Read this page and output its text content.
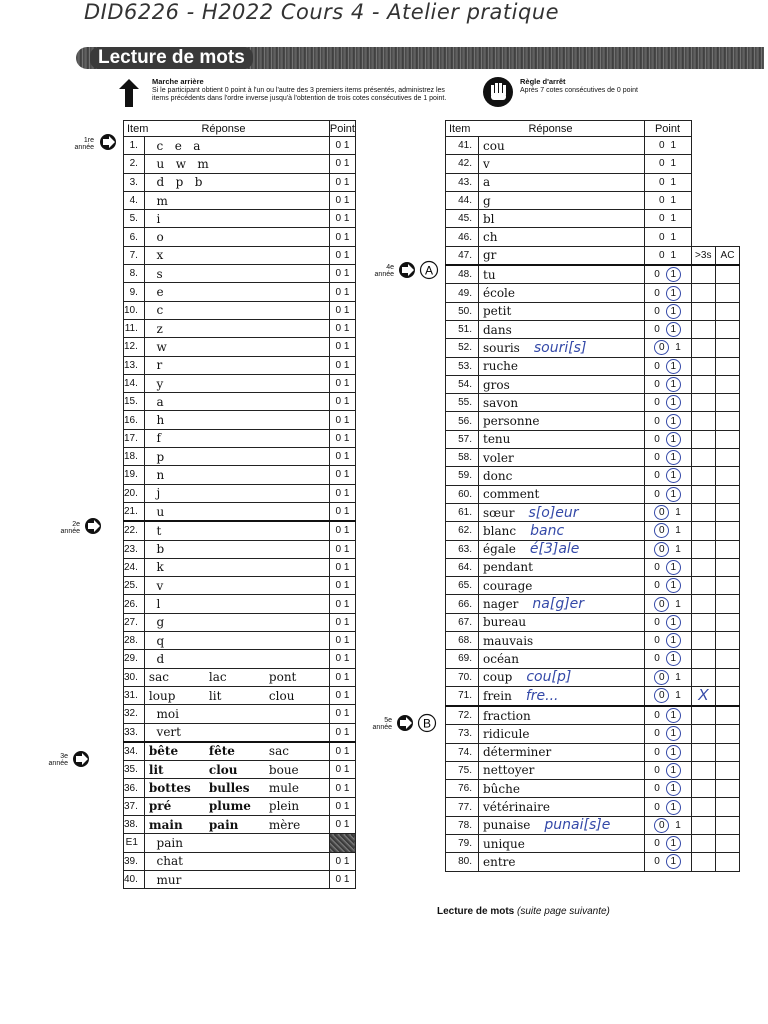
DID6226 - H2022 Cours 4 - Atelier pratique
Lecture de mots
Marche arrière
Si le participant obtient 0 point à l'un ou l'autre des 3 premiers items présentés, administrez les items précédents dans l'ordre inverse jusqu'à l'obtention de trois cotes consécutives de 1 point.
Règle d'arrêt
Après 7 cotes consécutives de 0 point
Item Réponse		Point
1.	c   e   a	0 1
2.	u   w   m	0 1
3.	d   p   b	0 1
4.	m	0 1
5.	i	0 1
6.	o	0 1
7.	x	0 1
8.	s	0 1
9.	e	0 1
10.	c	0 1
11.	z	0 1
12.	w	0 1
13.	r	0 1
14.	y	0 1
15.	a	0 1
16.	h	0 1
17.	f	0 1
18.	p	0 1
19.	n	0 1
20.	j	0 1
21.	u	0 1
22.	t	0 1
23.	b	0 1
24.	k	0 1
25.	v	0 1
26.	l	0 1
27.	g	0 1
28.	q	0 1
29.	d	0 1
30.	sac lac pont	0 1
31.	loup lit clou	0 1
32.	moi	0 1
33.	vert	0 1
34.	bête fête sac	0 1
35.	lit clou boue	0 1
36.	bottes bulles mule	0 1
37.	pré plume plein	0 1
38.	main pain mère	0 1
E1	pain	
39.	chat	0 1
40.	mur	0 1
Item Réponse		Point		
41.	cou	0 1		
42.	v	0 1		
43.	a	0 1		
44.	g	0 1		
45.	bl	0 1		
46.	ch	0 1		
47.	gr	0 1	>3s	AC
48.	tu	0 1		
49.	école	0 1		
50.	petit	0 1		
51.	dans	0 1		
52.	souris souri[s]	0 1		
53.	ruche	0 1		
54.	gros	0 1		
55.	savon	0 1		
56.	personne	0 1		
57.	tenu	0 1		
58.	voler	0 1		
59.	donc	0 1		
60.	comment	0 1		
61.	sœur s[o]eur	0 1		
62.	blanc banc	0 1		
63.	égale é[3]ale	0 1		
64.	pendant	0 1		
65.	courage	0 1		
66.	nager na[g]er	0 1		
67.	bureau	0 1		
68.	mauvais	0 1		
69.	océan	0 1		
70.	coup cou[p]	0 1		
71.	frein fre...	0 1	X	
72.	fraction	0 1		
73.	ridicule	0 1		
74.	déterminer	0 1		
75.	nettoyer	0 1		
76.	bûche	0 1		
77.	vétérinaire	0 1		
78.	punaise punai[s]e	0 1		
79.	unique	0 1		
80.	entre	0 1		
1re année
2e année
3e année
4e année	A
5e année	B
Lecture de mots (suite page suivante)
